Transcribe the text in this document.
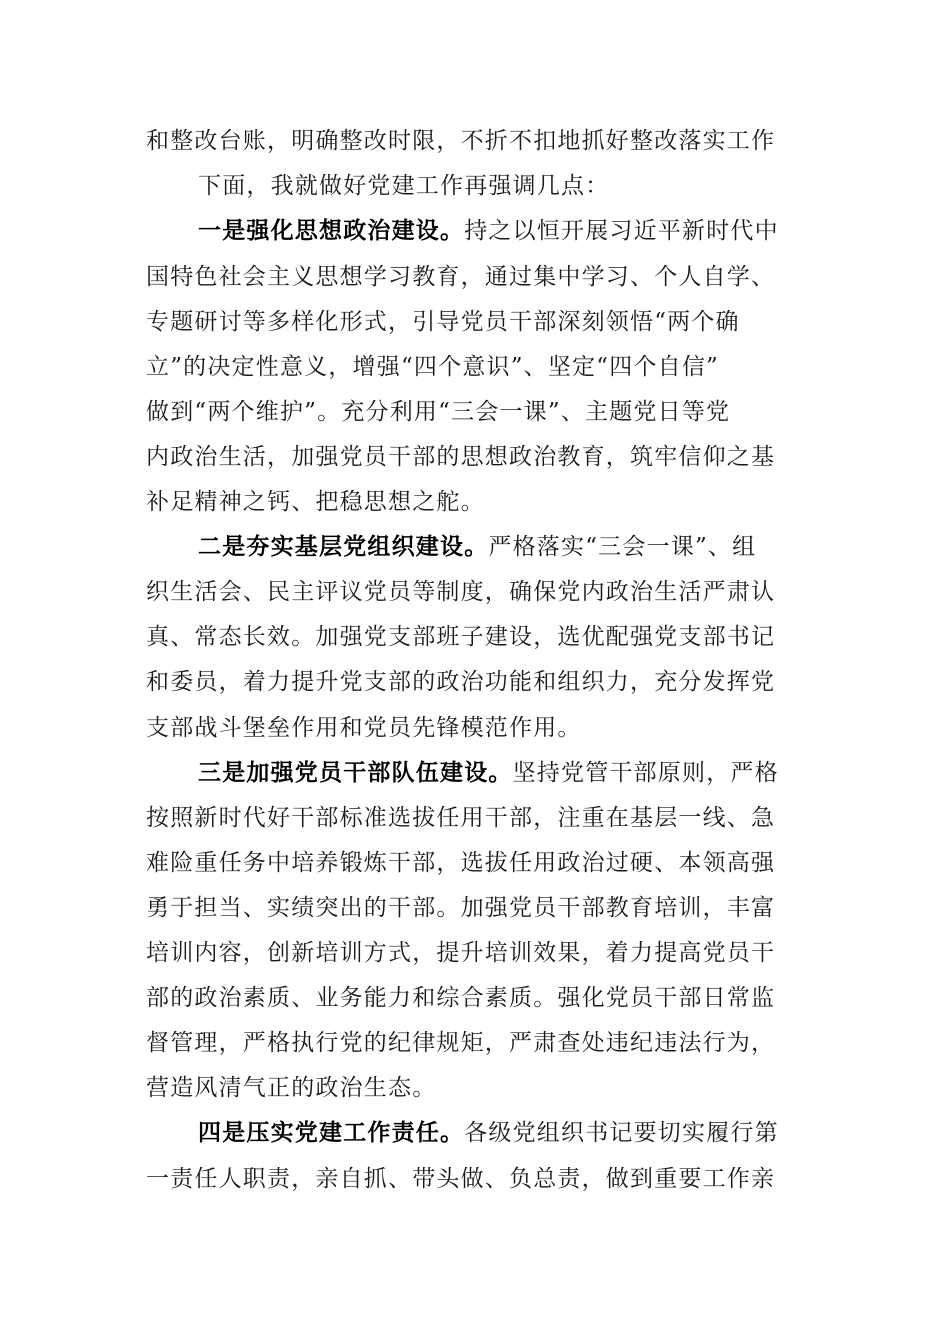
和整改台账，明确整改时限，不折不扣地抓好整改落实工作
下面，我就做好党建工作再强调几点：
一是强化思想政治建设。持之以恒开展习近平新时代中
国特色社会主义思想学习教育，通过集中学习、个人自学、
专题研讨等多样化形式，引导党员干部深刻领悟“两个确
立”的决定性意义，增强“四个意识”、坚定“四个自信”
做到“两个维护”。充分利用“三会一课”、主题党日等党
内政治生活，加强党员干部的思想政治教育，筑牢信仰之基
补足精神之钙、把稳思想之舵。
二是夯实基层党组织建设。严格落实“三会一课”、组
织生活会、民主评议党员等制度，确保党内政治生活严肃认
真、常态长效。加强党支部班子建设，选优配强党支部书记
和委员，着力提升党支部的政治功能和组织力，充分发挥党
支部战斗堡垒作用和党员先锋模范作用。
三是加强党员干部队伍建设。坚持党管干部原则，严格
按照新时代好干部标准选拔任用干部，注重在基层一线、急
难险重任务中培养锻炼干部，选拔任用政治过硬、本领高强
勇于担当、实绩突出的干部。加强党员干部教育培训，丰富
培训内容，创新培训方式，提升培训效果，着力提高党员干
部的政治素质、业务能力和综合素质。强化党员干部日常监
督管理，严格执行党的纪律规矩，严肃查处违纪违法行为，
营造风清气正的政治生态。
四是压实党建工作责任。各级党组织书记要切实履行第
一责任人职责，亲自抓、带头做、负总责，做到重要工作亲
